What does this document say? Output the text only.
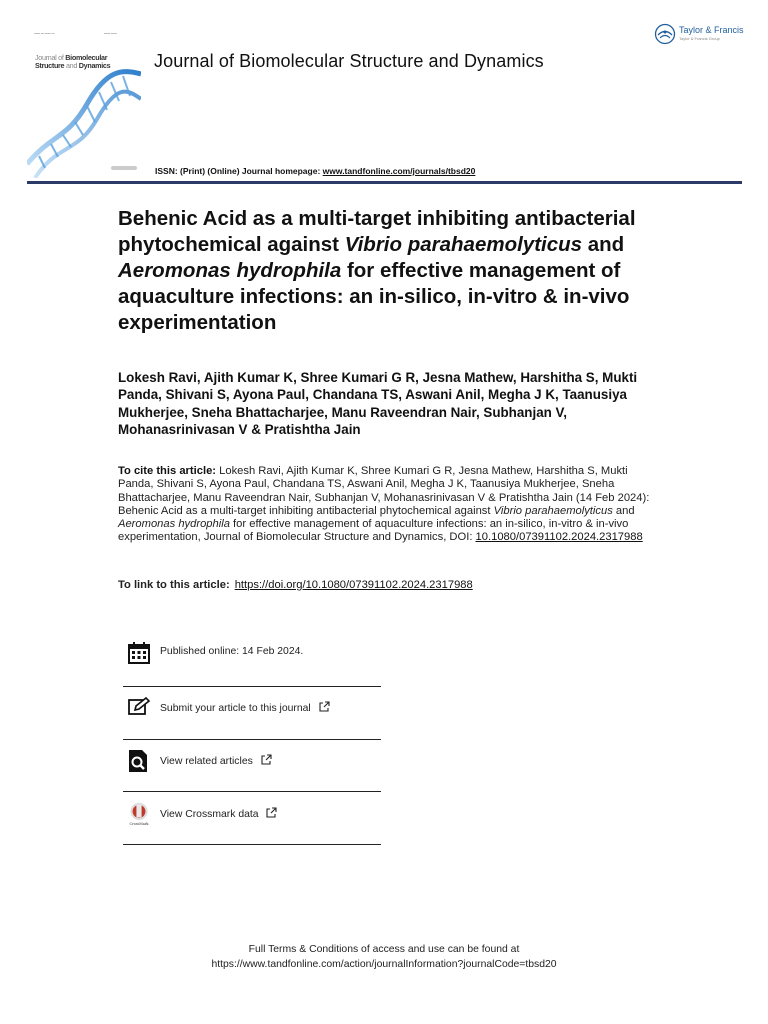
▬▬ ▬ ▬▬ ▬	▬▬ ▬▬
Journal of Biomolecular
Structure and Dynamics
Taylor & Francis
Taylor & Francis Group
Journal of Biomolecular Structure and Dynamics
ISSN: (Print) (Online) Journal homepage: www.tandfonline.com/journals/tbsd20
Behenic Acid as a multi-target inhibiting antibacterial phytochemical against Vibrio parahaemolyticus and Aeromonas hydrophila for effective management of aquaculture infections: an in-silico, in-vitro & in-vivo experimentation
Lokesh Ravi, Ajith Kumar K, Shree Kumari G R, Jesna Mathew, Harshitha S, Mukti Panda, Shivani S, Ayona Paul, Chandana TS, Aswani Anil, Megha J K, Taanusiya Mukherjee, Sneha Bhattacharjee, Manu Raveendran Nair, Subhanjan V, Mohanasrinivasan V & Pratishtha Jain
To cite this article: Lokesh Ravi, Ajith Kumar K, Shree Kumari G R, Jesna Mathew, Harshitha S, Mukti Panda, Shivani S, Ayona Paul, Chandana TS, Aswani Anil, Megha J K, Taanusiya Mukherjee, Sneha Bhattacharjee, Manu Raveendran Nair, Subhanjan V, Mohanasrinivasan V & Pratishtha Jain (14 Feb 2024): Behenic Acid as a multi-target inhibiting antibacterial phytochemical against Vibrio parahaemolyticus and Aeromonas hydrophila for effective management of aquaculture infections: an in-silico, in-vitro & in-vivo experimentation, Journal of Biomolecular Structure and Dynamics, DOI: 10.1080/07391102.2024.2317988
To link to this article: https://doi.org/10.1080/07391102.2024.2317988
Published online: 14 Feb 2024.
Submit your article to this journal
View related articles
CrossMark
View Crossmark data
Full Terms & Conditions of access and use can be found at
https://www.tandfonline.com/action/journalInformation?journalCode=tbsd20
